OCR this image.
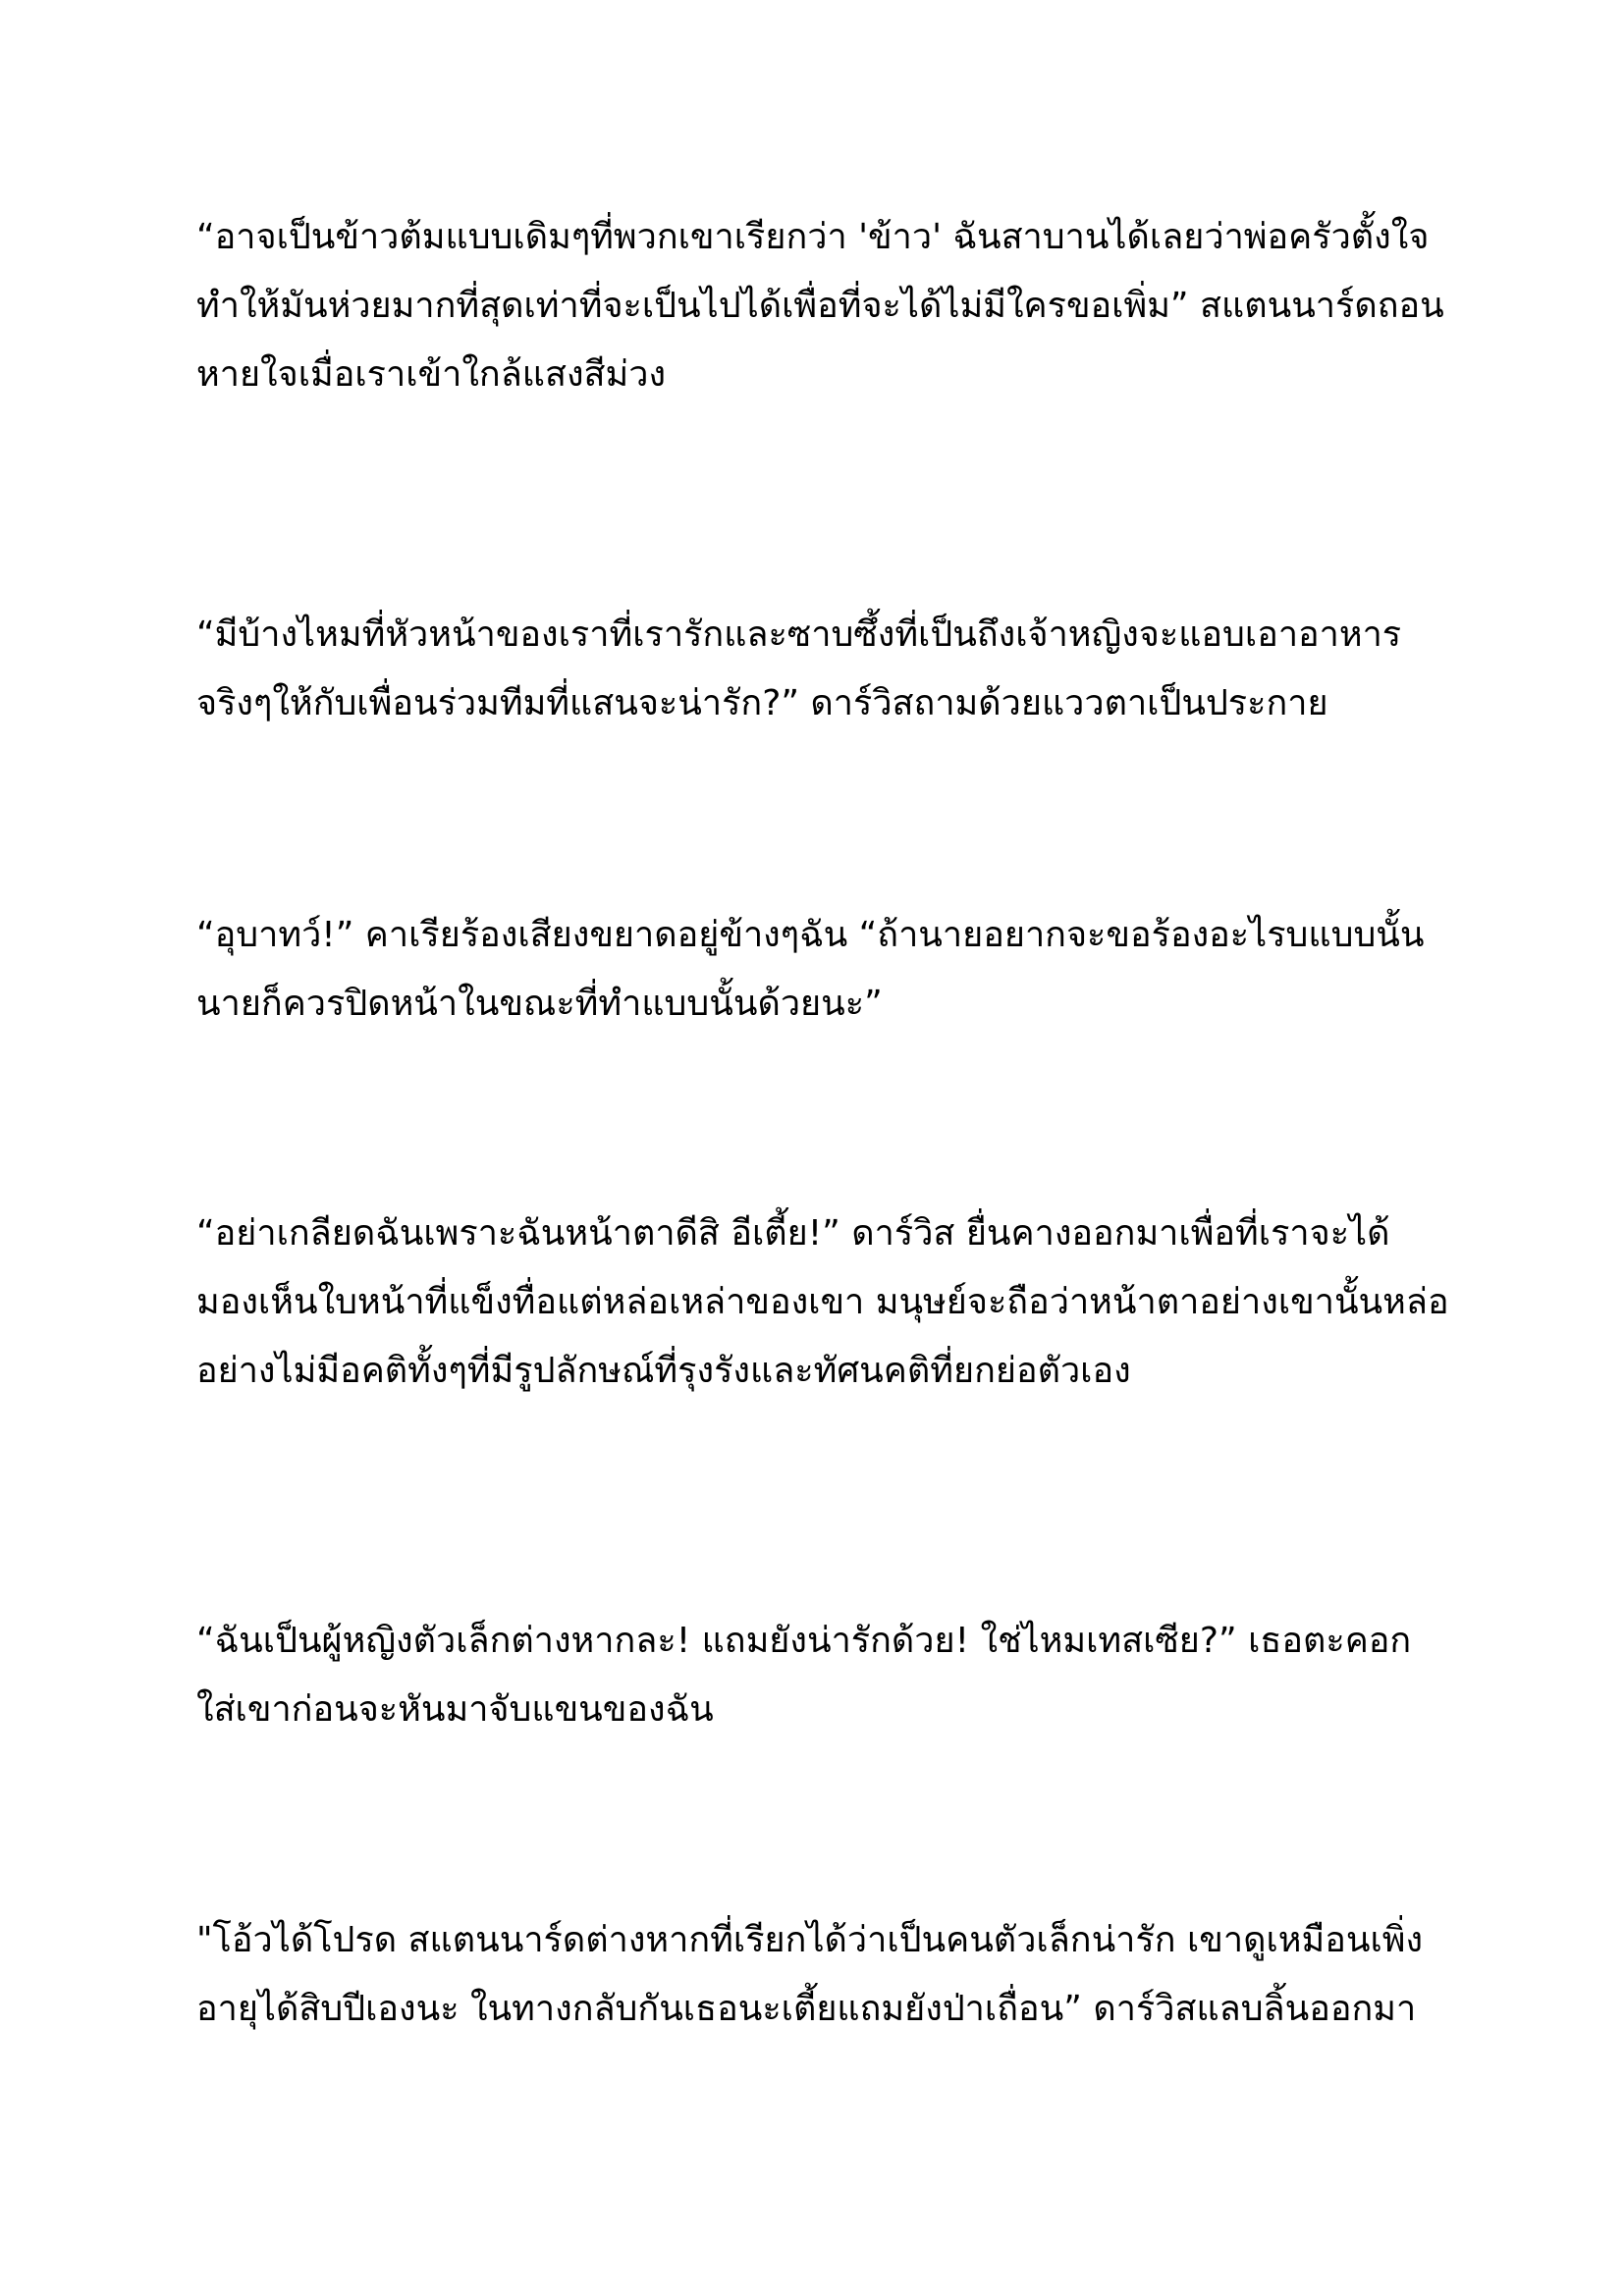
“อาจเป็นข้าวต้มแบบเดิมๆที่พวกเขาเรียกว่า 'ข้าว' ฉันสาบานได้เลยว่าพ่อครัวตั้งใจ
ทำให้มันห่วยมากที่สุดเท่าที่จะเป็นไปได้เพื่อที่จะได้ไม่มีใครขอเพิ่ม” สแตนนาร์ดถอน
หายใจเมื่อเราเข้าใกล้แสงสีม่วง

“มีบ้างไหมที่หัวหน้าของเราที่เรารักและซาบซึ้งที่เป็นถึงเจ้าหญิงจะแอบเอาอาหาร
จริงๆให้กับเพื่อนร่วมทีมที่แสนจะน่ารัก?” ดาร์วิสถามด้วยแววตาเป็นประกาย

“อุบาทว์!” คาเรียร้องเสียงขยาดอยู่ข้างๆฉัน “ถ้านายอยากจะขอร้องอะไรบแบบนั้น
นายก็ควรปิดหน้าในขณะที่ทำแบบนั้นด้วยนะ”

“อย่าเกลียดฉันเพราะฉันหน้าตาดีสิ อีเตี้ย!” ดาร์วิส ยื่นคางออกมาเพื่อที่เราจะได้
มองเห็นใบหน้าที่แข็งทื่อแต่หล่อเหล่าของเขา มนุษย์จะถือว่าหน้าตาอย่างเขานั้นหล่อ
อย่างไม่มีอคติทั้งๆที่มีรูปลักษณ์ที่รุงรังและทัศนคติที่ยกย่อตัวเอง

“ฉันเป็นผู้หญิงตัวเล็กต่างหากละ! แถมยังน่ารักด้วย! ใช่ไหมเทสเซีย?” เธอตะคอก
ใส่เขาก่อนจะหันมาจับแขนของฉัน

"โอ้วได้โปรด สแตนนาร์ดต่างหากที่เรียกได้ว่าเป็นคนตัวเล็กน่ารัก เขาดูเหมือนเพิ่ง
อายุได้สิบปีเองนะ ในทางกลับกันเธอนะเตี้ยแถมยังป่าเถื่อน” ดาร์วิสแลบลิ้นออกมา
